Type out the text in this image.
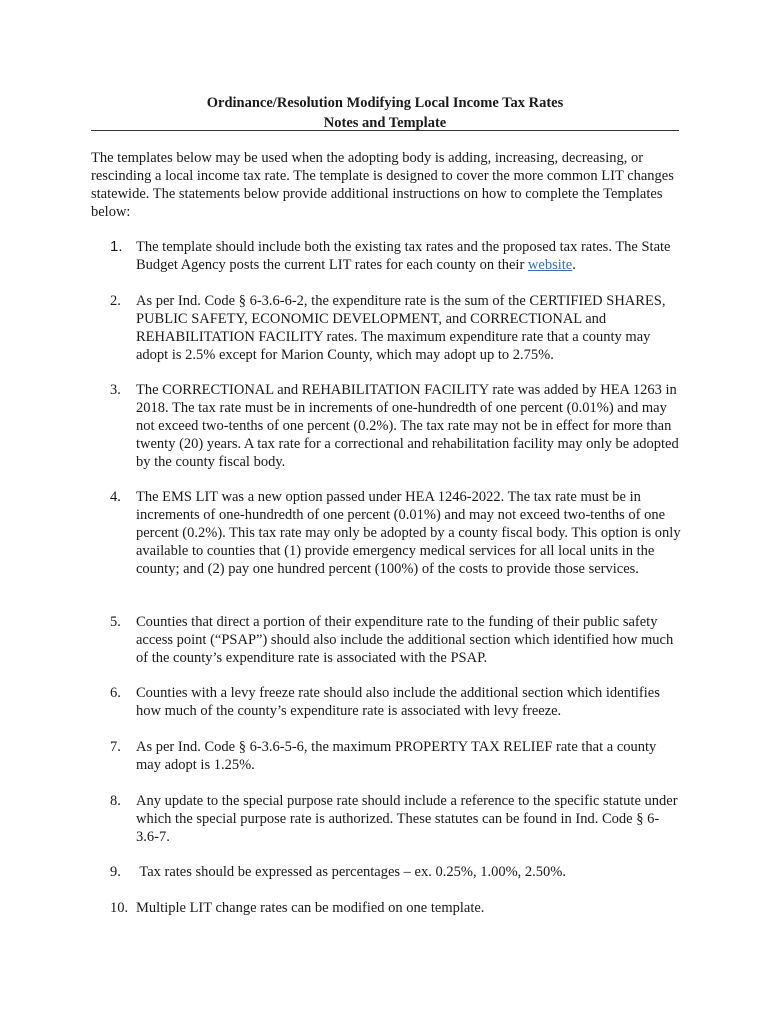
Ordinance/Resolution Modifying Local Income Tax Rates
Notes and Template

The templates below may be used when the adopting body is adding, increasing, decreasing, or rescinding a local income tax rate. The template is designed to cover the more common LIT changes statewide. The statements below provide additional instructions on how to complete the Templates below:

1. The template should include both the existing tax rates and the proposed tax rates. The State Budget Agency posts the current LIT rates for each county on their website.
2.	As per Ind. Code § 6-3.6-6-2, the expenditure rate is the sum of the CERTIFIED SHARES, PUBLIC SAFETY, ECONOMIC DEVELOPMENT, and CORRECTIONAL and REHABILITATION FACILITY rates. The maximum expenditure rate that a county may adopt is 2.5% except for Marion County, which may adopt up to 2.75%.
3.	The CORRECTIONAL and REHABILITATION FACILITY rate was added by HEA 1263 in 2018. The tax rate must be in increments of one-hundredth of one percent (0.01%) and may not exceed two-tenths of one percent (0.2%). The tax rate may not be in effect for more than twenty (20) years. A tax rate for a correctional and rehabilitation facility may only be adopted by the county fiscal body.
4.	The EMS LIT was a new option passed under HEA 1246-2022. The tax rate must be in increments of one-hundredth of one percent (0.01%) and may not exceed two-tenths of one percent (0.2%). This tax rate may only be adopted by a county fiscal body. This option is only available to counties that (1) provide emergency medical services for all local units in the county; and (2) pay one hundred percent (100%) of the costs to provide those services.
5.	Counties that direct a portion of their expenditure rate to the funding of their public safety access point (“PSAP”) should also include the additional section which identified how much of the county’s expenditure rate is associated with the PSAP.
6.	Counties with a levy freeze rate should also include the additional section which identifies how much of the county’s expenditure rate is associated with levy freeze.
7.	As per Ind. Code § 6-3.6-5-6, the maximum PROPERTY TAX RELIEF rate that a county may adopt is 1.25%.
8.	Any update to the special purpose rate should include a reference to the specific statute under which the special purpose rate is authorized. These statutes can be found in Ind. Code § 6-3.6-7.
9.	Tax rates should be expressed as percentages – ex. 0.25%, 1.00%, 2.50%.
10. Multiple LIT change rates can be modified on one template.
